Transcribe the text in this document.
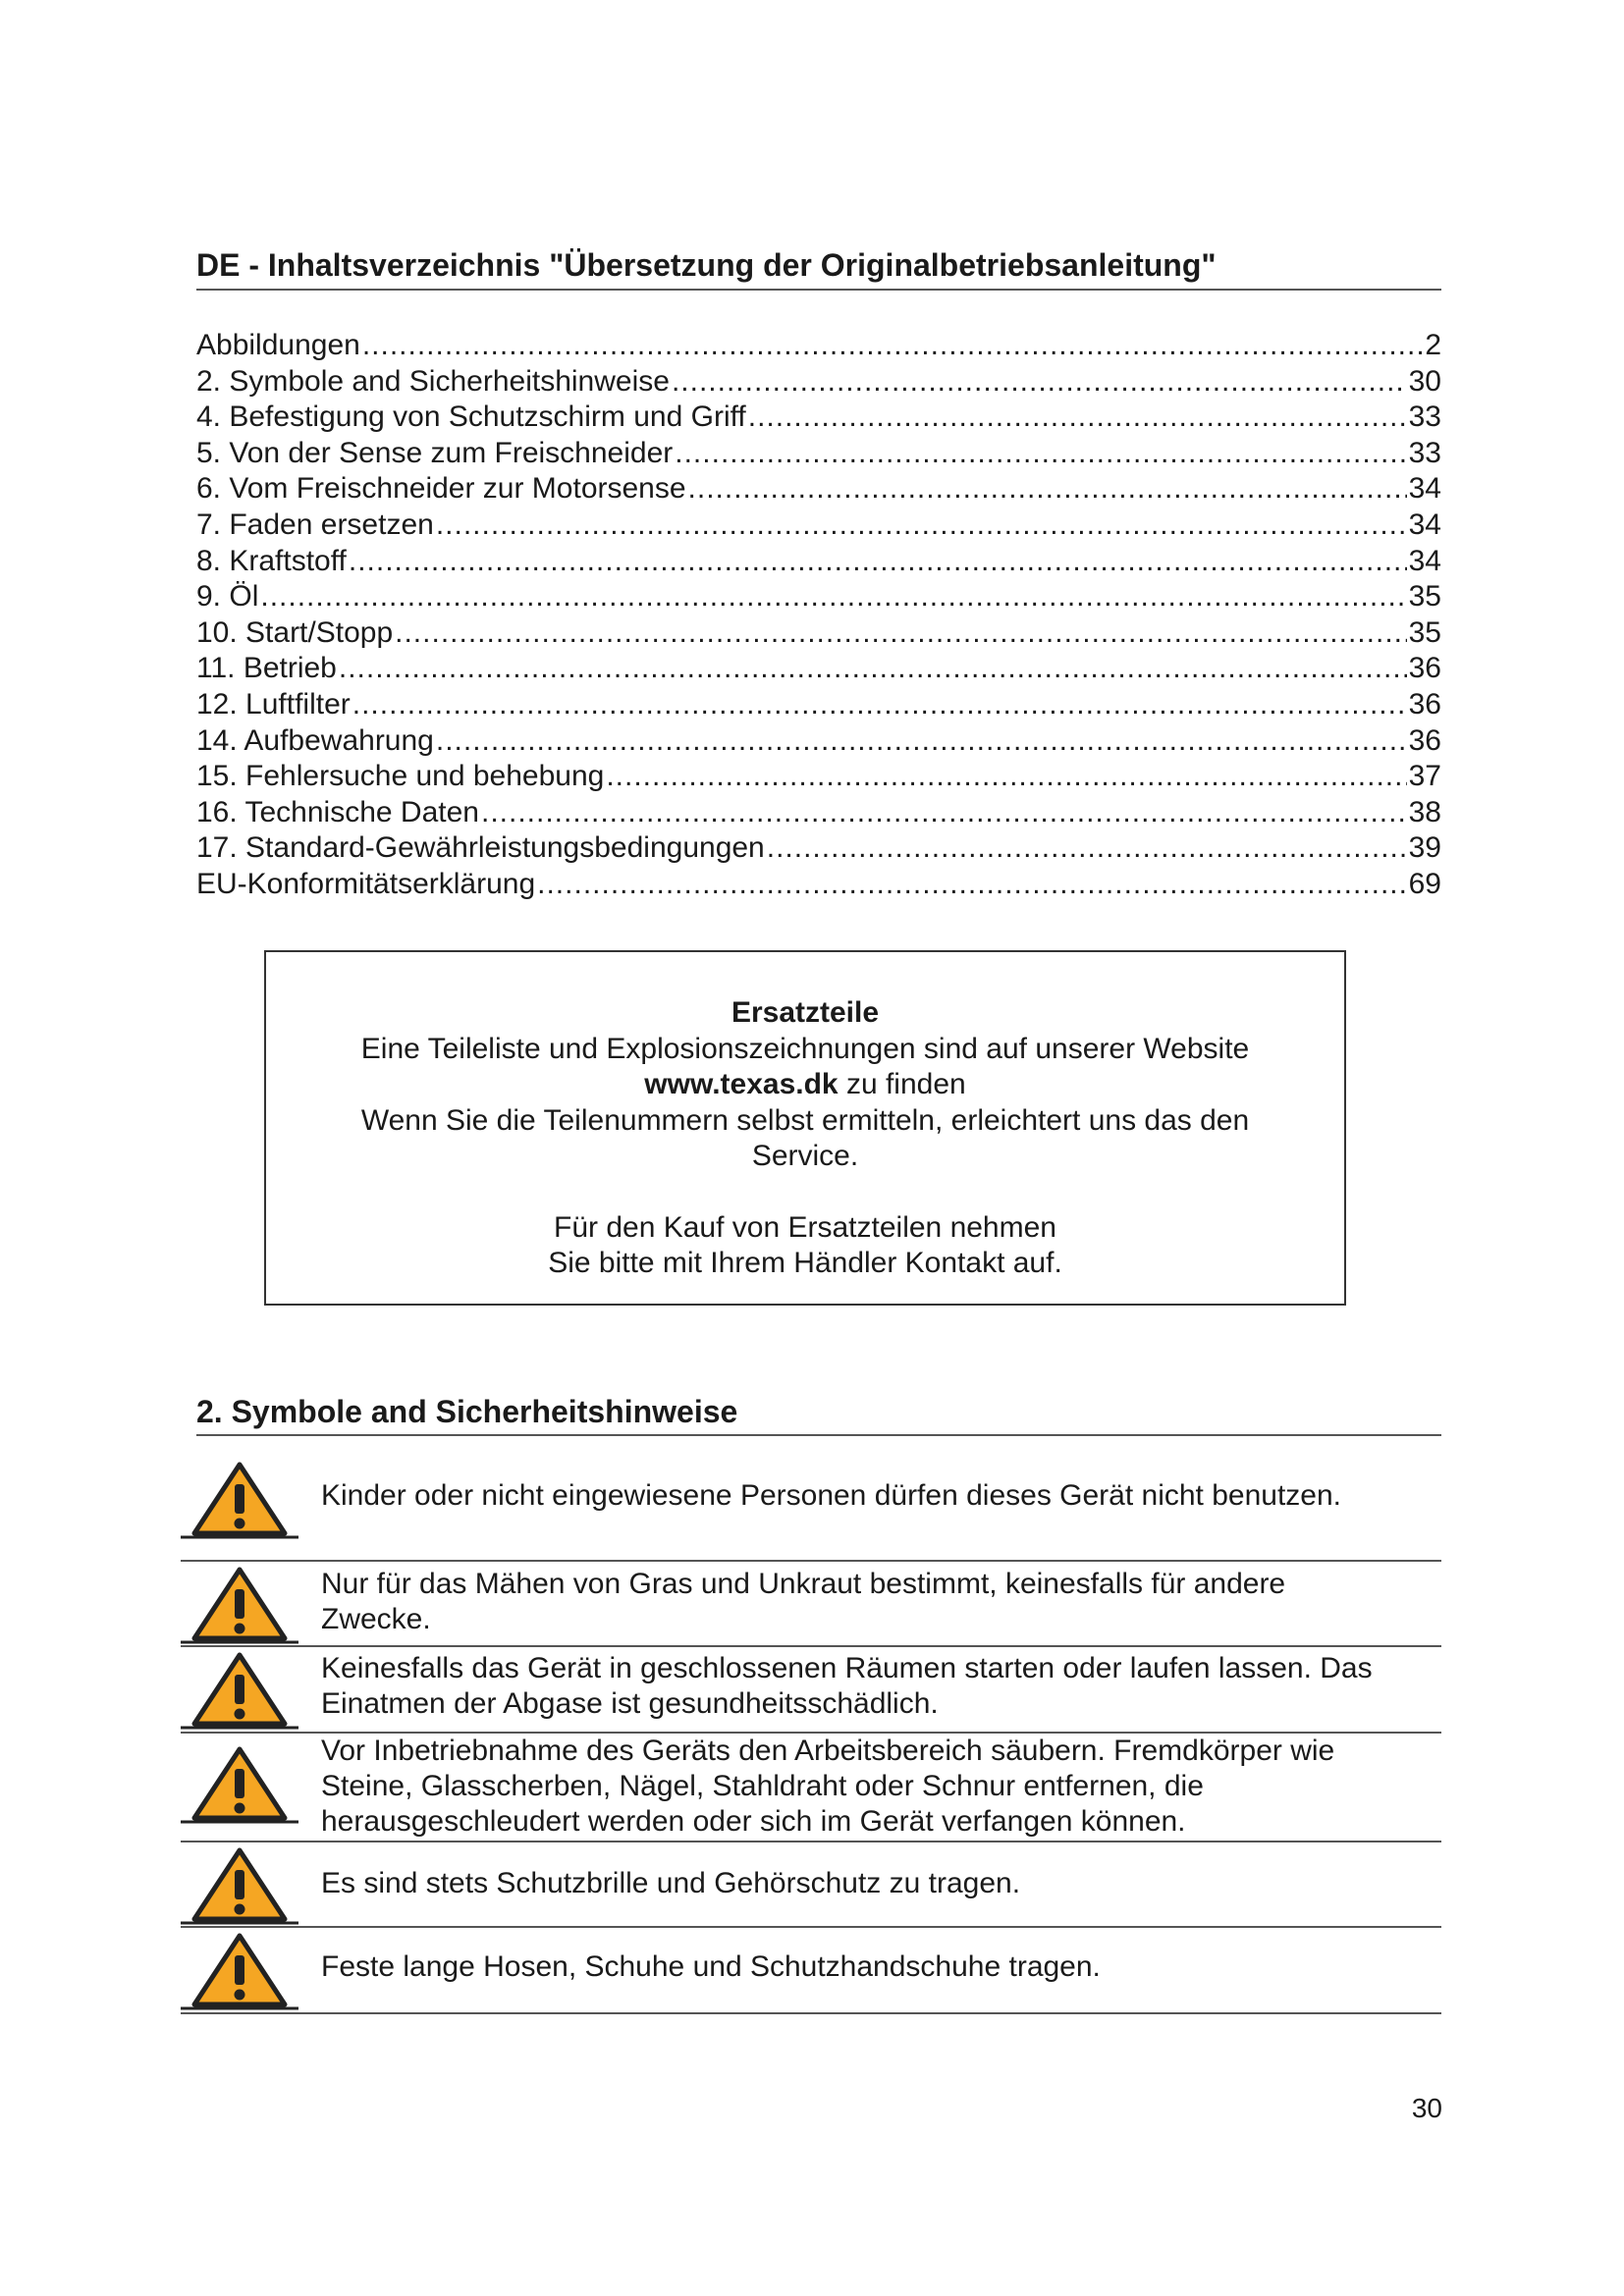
DE - Inhaltsverzeichnis "Übersetzung der Originalbetriebsanleitung"
Abbildungen .....	2
2. Symbole and Sicherheitshinweise .....	30
4. Befestigung von Schutzschirm und Griff .....	33
5. Von der Sense zum Freischneider .....	33
6. Vom Freischneider zur Motorsense .....	34
7. Faden ersetzen .....	34
8. Kraftstoff .....	34
9. Öl .....	35
10. Start/Stopp .....	35
11. Betrieb .....	36
12. Luftfilter .....	36
14. Aufbewahrung .....	36
15. Fehlersuche und behebung .....	37
16. Technische Daten .....	38
17. Standard-Gewährleistungsbedingungen .....	39
EU-Konformitätserklärung .....	69

Ersatzteile

Eine Teileliste und Explosionszeichnungen sind auf unserer Website

www.texas.dk zu finden

Wenn Sie die Teilenummern selbst ermitteln, erleichtert uns das den

Service.

Für den Kauf von Ersatzteilen nehmen

Sie bitte mit Ihrem Händler Kontakt auf.

2. Symbole and Sicherheitshinweise
Kinder oder nicht eingewiesene Personen dürfen dieses Gerät nicht benutzen.
Nur für das Mähen von Gras und Unkraut bestimmt, keinesfalls für andere
Zwecke.
Keinesfalls das Gerät in geschlossenen Räumen starten oder laufen lassen. Das
Einatmen der Abgase ist gesundheitsschädlich.
Vor Inbetriebnahme des Geräts den Arbeitsbereich säubern. Fremdkörper wie
Steine, Glasscherben, Nägel, Stahldraht oder Schnur entfernen, die
herausgeschleudert werden oder sich im Gerät verfangen können.
Es sind stets Schutzbrille und Gehörschutz zu tragen.
Feste lange Hosen, Schuhe und Schutzhandschuhe tragen.
30
